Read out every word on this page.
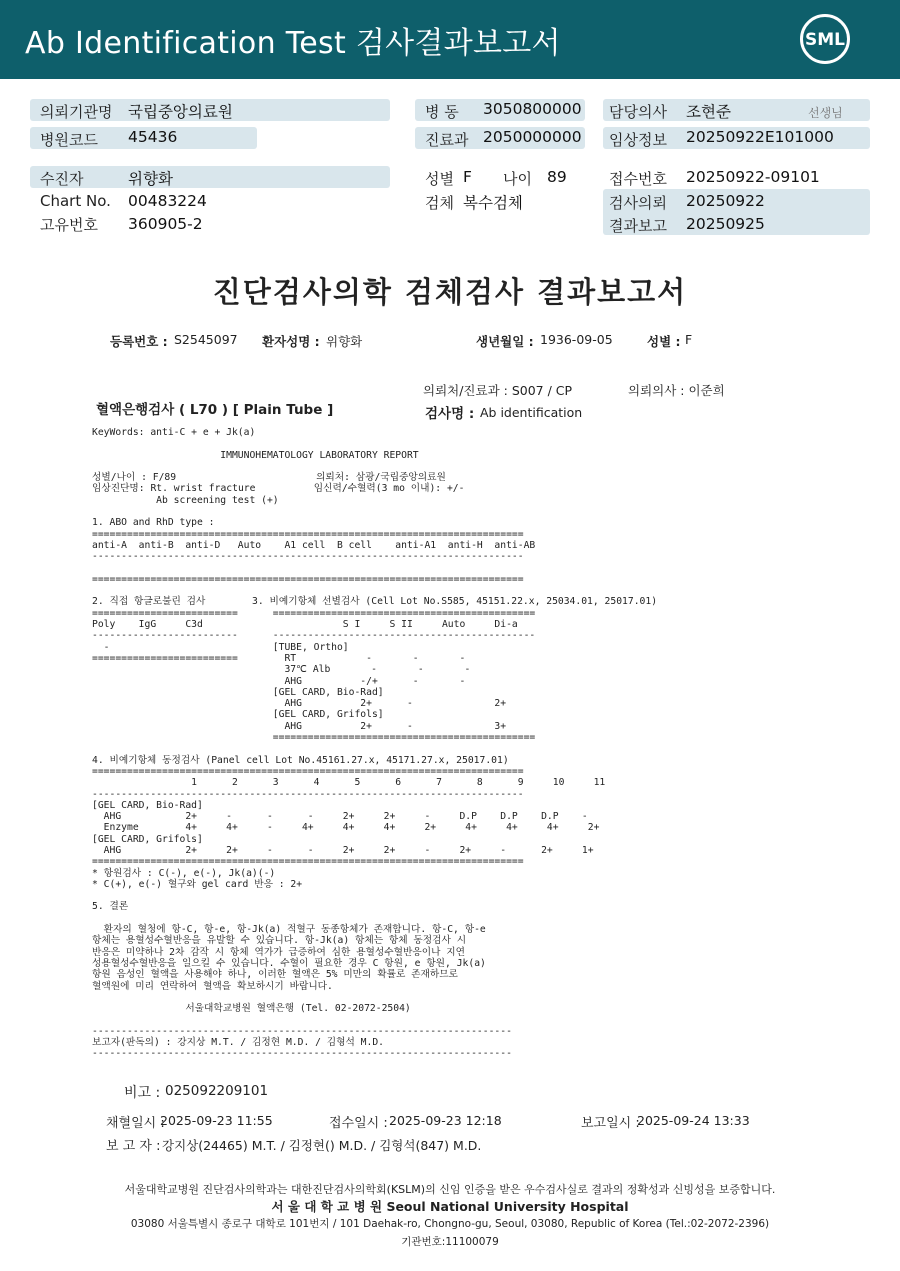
Ab Identification Test 검사결과보고서	SML
의뢰기관명 국립중앙의료원
병원코드 45436
병 동 3050800000
진료과 2050000000
담당의사 조현준	선생님
임상정보 20250922E101000
수진자	위향화
Chart No. 00483224
고유번호 360905-2
성별 F 나이 89
검체 복수검체
접수번호 20250922-09101
검사의뢰 20250922
결과보고 20250925
진단검사의학 검체검사 결과보고서
등록번호 : S2545097 환자성명 : 위향화	생년월일 : 1936-09-05	성별 : F
의뢰처/진료과 : S007 / CP	의뢰의사 : 이준희
혈액은행검사 ( L70 ) [ Plain Tube ]	검사명 : Ab identification
KeyWords: anti-C + e + Jk(a)

IMMUNOHEMATOLOGY LABORATORY REPORT

성별/나이 : F/89                        의뢰처: 삼광/국립중앙의료원
임상진단명: Rt. wrist fracture          임신력/수혈력(3 mo 이내): +/-
Ab screening test (+)

1. ABO and RhD type :
==========================================================================
anti-A  anti-B  anti-D   Auto    A1 cell  B cell    anti-A1  anti-H  anti-AB
--------------------------------------------------------------------------

==========================================================================

2. 직접 항글로불린 검사        3. 비예기항체 선별검사 (Cell Lot No.S585, 45151.22.x, 25034.01, 25017.01)
=========================      =============================================
Poly    IgG     C3d                        S I     S II     Auto     Di-a
-------------------------      ---------------------------------------------
-                            [TUBE, Ortho]
=========================        RT            -       -       -
37℃ Alb       -       -       -
AHG          -/+      -       -
[GEL CARD, Bio-Rad]
AHG          2+      -              2+
[GEL CARD, Grifols]
AHG          2+      -              3+
=============================================

4. 비예기항체 동정검사 (Panel cell Lot No.45161.27.x, 45171.27.x, 25017.01)
==========================================================================
1      2      3      4      5      6      7      8      9     10     11
--------------------------------------------------------------------------
[GEL CARD, Bio-Rad]
AHG           2+     -      -      -     2+     2+     -     D.P    D.P    D.P    -
Enzyme        4+     4+     -     4+     4+     4+     2+     4+     4+     4+     2+
[GEL CARD, Grifols]
AHG           2+     2+     -      -     2+     2+     -     2+     -      2+     1+
==========================================================================
* 항원검사 : C(-), e(-), Jk(a)(-)
* C(+), e(-) 혈구와 gel card 반응 : 2+

5. 결론

환자의 혈청에 항-C, 항-e, 항-Jk(a) 적혈구 동종항체가 존재합니다. 항-C, 항-e
항체는 용혈성수혈반응을 유발할 수 있습니다. 항-Jk(a) 항체는 항체 동정검사 시
반응은 미약하나 2차 감작 시 항체 역가가 급증하여 심한 용혈성수혈반응이나 지연
성용혈성수혈반응을 일으킬 수 있습니다. 수혈이 필요한 경우 C 항원, e 항원, Jk(a)
항원 음성인 혈액을 사용해야 하나, 이러한 혈액은 5% 미만의 확률로 존재하므로
혈액원에 미리 연락하여 혈액을 확보하시기 바랍니다.

서울대학교병원 혈액은행 (Tel. 02-2072-2504)

------------------------------------------------------------------------
보고자(판독의) : 강지상 M.T. / 김정현 M.D. / 김형석 M.D.
------------------------------------------------------------------------
비고 : 025092209101
채혈일시 :
2025-09-23 11:55	접수일시 : 2025-09-23 12:18	보고일시 :
2025-09-24 13:33
보 고 자 : 강지상(24465) M.T. / 김정현() M.D. / 김형석(847) M.D.
서울대학교병원 진단검사의학과는 대한진단검사의학회(KSLM)의 신임 인증을 받은 우수검사실로 결과의 정확성과 신빙성을 보증합니다.
서 울 대 학 교 병 원 Seoul National University Hospital
03080 서울특별시 종로구 대학로 101번지 / 101 Daehak-ro, Chongno-gu, Seoul, 03080, Republic of Korea (Tel.:02-2072-2396)
기관번호:11100079
